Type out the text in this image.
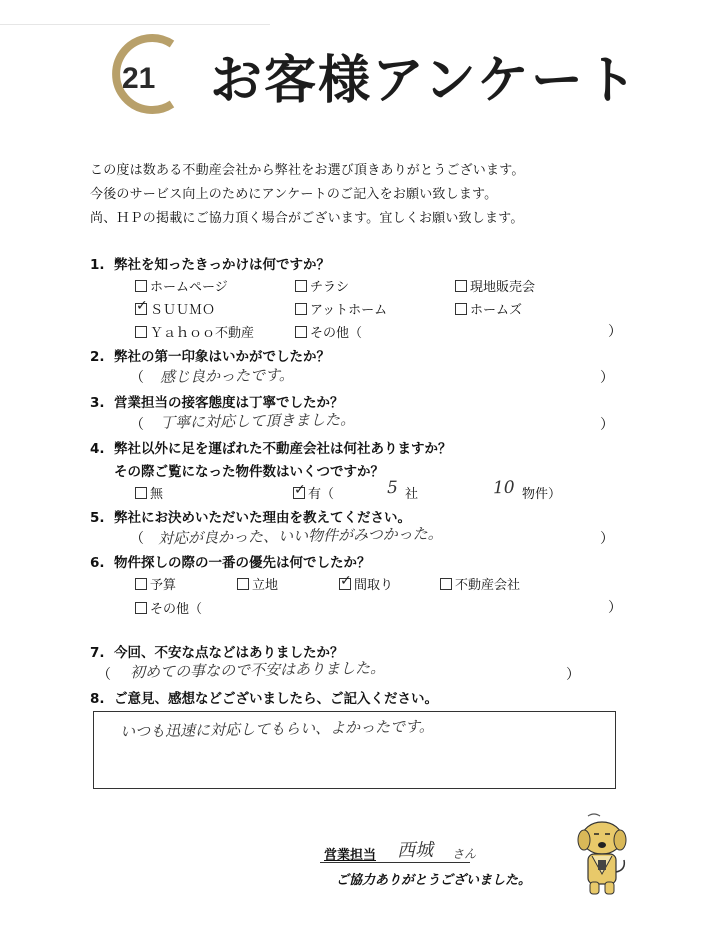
21 お客様アンケート
この度は数ある不動産会社から弊社をお選び頂きありがとうございます。
今後のサービス向上のためにアンケートのご記入をお願い致します。
尚、ＨＰの掲載にご協力頂く場合がございます。宜しくお願い致します。
1. 弊社を知ったきっかけは何ですか？
ホームページ	チラシ	現地販売会
✓ＳＵＵＭＯ	アットホーム	ホームズ
Ｙａｈｏｏ不動産	その他（	）
2. 弊社の第一印象はいかがでしたか？
（ 感じ良かったです。	）
3. 営業担当の接客態度は丁寧でしたか？
（ 丁寧に対応して頂きました。	）
4. 弊社以外に足を運ばれた不動産会社は何社ありますか？
その際ご覧になった物件数はいくつですか？
無 ✓	有（	5 社	10 物件）
5. 弊社にお決めいただいた理由を教えてください。
（ 対応が良かった、いい物件がみつかった。	）
6. 物件探しの際の一番の優先は何でしたか？
予算	立地 ✓	間取り	不動産会社
その他（	）
7. 今回、不安な点などはありましたか？
（ 初めての事なので不安はありました。	）
8. ご意見、感想などございましたら、ご記入ください。
いつも迅速に対応してもらい、よかったです。
営業担当 西城 さん
ご協力ありがとうございました。
